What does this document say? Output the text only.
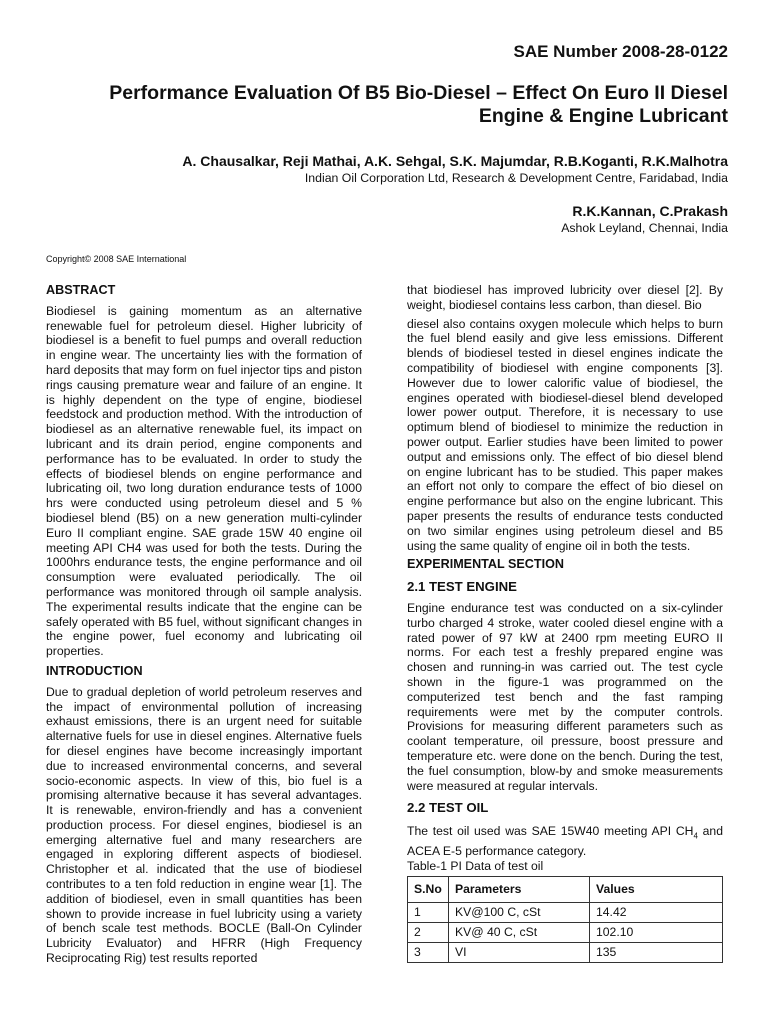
SAE Number 2008-28-0122
Performance Evaluation Of B5 Bio-Diesel – Effect On Euro II Diesel Engine & Engine Lubricant
A. Chausalkar, Reji Mathai, A.K. Sehgal, S.K. Majumdar, R.B.Koganti, R.K.Malhotra
Indian Oil Corporation Ltd, Research & Development Centre, Faridabad, India
R.K.Kannan, C.Prakash
Ashok Leyland, Chennai, India
Copyright© 2008 SAE International
ABSTRACT

Biodiesel is gaining momentum as an alternative renewable fuel for petroleum diesel. Higher lubricity of biodiesel is a benefit to fuel pumps and overall reduction in engine wear. The uncertainty lies with the formation of hard deposits that may form on fuel injector tips and piston rings causing premature wear and failure of an engine. It is highly dependent on the type of engine, biodiesel feedstock and production method. With the introduction of biodiesel as an alternative renewable fuel, its impact on lubricant and its drain period, engine components and performance has to be evaluated. In order to study the effects of biodiesel blends on engine performance and lubricating oil, two long duration endurance tests of 1000 hrs were conducted using petroleum diesel and 5 % biodiesel blend (B5) on a new generation multi-cylinder Euro II compliant engine. SAE grade 15W 40 engine oil meeting API CH4 was used for both the tests. During the 1000hrs endurance tests, the engine performance and oil consumption were evaluated periodically. The oil performance was monitored through oil sample analysis. The experimental results indicate that the engine can be safely operated with B5 fuel, without significant changes in the engine power, fuel economy and lubricating oil properties.

INTRODUCTION

Due to gradual depletion of world petroleum reserves and the impact of environmental pollution of increasing exhaust emissions, there is an urgent need for suitable alternative fuels for use in diesel engines. Alternative fuels for diesel engines have become increasingly important due to increased environmental concerns, and several socio-economic aspects. In view of this, bio fuel is a promising alternative because it has several advantages. It is renewable, environ-friendly and has a convenient production process. For diesel engines, biodiesel is an emerging alternative fuel and many researchers are engaged in exploring different aspects of biodiesel. Christopher et al. indicated that the use of biodiesel contributes to a ten fold reduction in engine wear [1]. The addition of biodiesel, even in small quantities has been shown to provide increase in fuel lubricity using a variety of bench scale test methods. BOCLE (Ball-On Cylinder Lubricity Evaluator) and HFRR (High Frequency Reciprocating Rig) test results reported

that biodiesel has improved lubricity over diesel [2]. By weight, biodiesel contains less carbon, than diesel. Bio

diesel also contains oxygen molecule which helps to burn the fuel blend easily and give less emissions. Different blends of biodiesel tested in diesel engines indicate the compatibility of biodiesel with engine components [3]. However due to lower calorific value of biodiesel, the engines operated with biodiesel-diesel blend developed lower power output. Therefore, it is necessary to use optimum blend of biodiesel to minimize the reduction in power output. Earlier studies have been limited to power output and emissions only. The effect of bio diesel blend on engine lubricant has to be studied. This paper makes an effort not only to compare the effect of bio diesel on engine performance but also on the engine lubricant. This paper presents the results of endurance tests conducted on two similar engines using petroleum diesel and B5 using the same quality of engine oil in both the tests.

EXPERIMENTAL SECTION
2.1 TEST ENGINE

Engine endurance test was conducted on a six-cylinder turbo charged 4 stroke, water cooled diesel engine with a rated power of 97 kW at 2400 rpm meeting EURO II norms. For each test a freshly prepared engine was chosen and running-in was carried out. The test cycle shown in the figure-1 was programmed on the computerized test bench and the fast ramping requirements were met by the computer controls. Provisions for measuring different parameters such as coolant temperature, oil pressure, boost pressure and temperature etc. were done on the bench. During the test, the fuel consumption, blow-by and smoke measurements were measured at regular intervals.

2.2 TEST OIL

The test oil used was SAE 15W40 meeting API $CH_4$ and ACEA E-5 performance category.

Table-1 PI Data of test oil

S.No	Parameters	Values
1	KV@100 C, cSt	14.42
2	KV@ 40 C, cSt	102.10
3	VI	135
